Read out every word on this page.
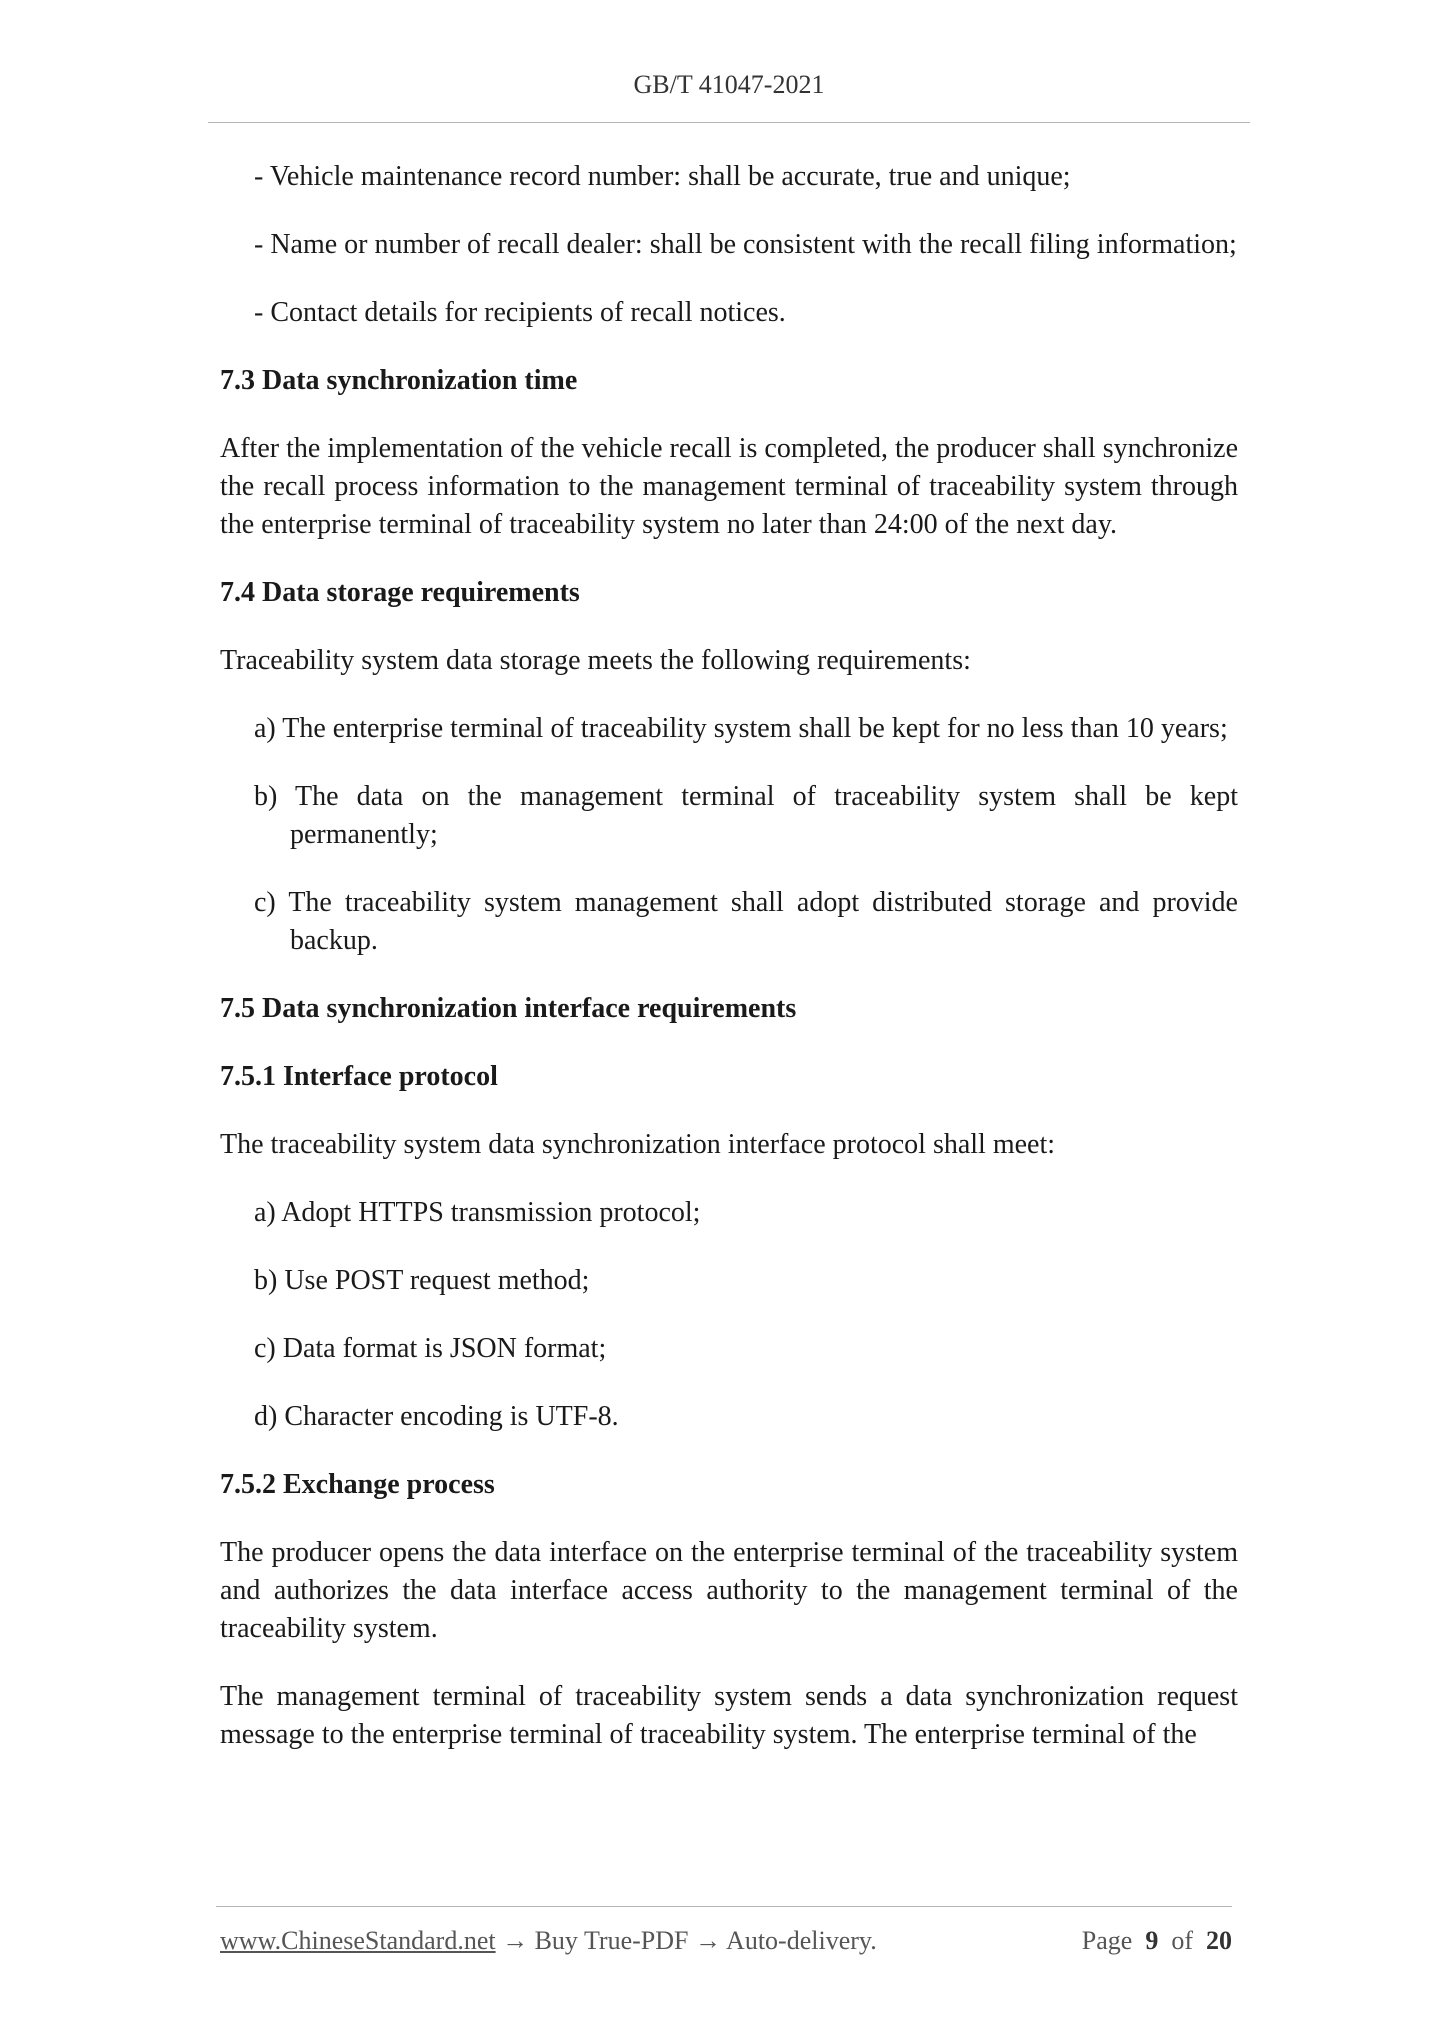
GB/T 41047-2021

- Vehicle maintenance record number: shall be accurate, true and unique;

- Name or number of recall dealer: shall be consistent with the recall filing information;

- Contact details for recipients of recall notices.

7.3 Data synchronization time

After the implementation of the vehicle recall is completed, the producer shall synchronize the recall process information to the management terminal of traceability system through the enterprise terminal of traceability system no later than 24:00 of the next day.

7.4 Data storage requirements

Traceability system data storage meets the following requirements:

a) The enterprise terminal of traceability system shall be kept for no less than 10 years;

b) The data on the management terminal of traceability system shall be kept permanently;

c) The traceability system management shall adopt distributed storage and provide backup.

7.5 Data synchronization interface requirements

7.5.1 Interface protocol

The traceability system data synchronization interface protocol shall meet:

a) Adopt HTTPS transmission protocol;

b) Use POST request method;

c) Data format is JSON format;

d) Character encoding is UTF-8.

7.5.2 Exchange process

The producer opens the data interface on the enterprise terminal of the traceability system and authorizes the data interface access authority to the management terminal of the traceability system.

The management terminal of traceability system sends a data synchronization request message to the enterprise terminal of traceability system. The enterprise terminal of the

www.ChineseStandard.net → Buy True-PDF → Auto-delivery.	Page 9 of 20
